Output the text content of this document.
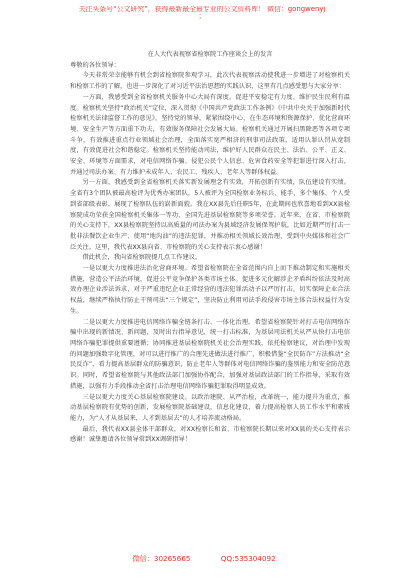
关注头条号“公文研究”，获得最新最全最专业的公文资料库！ 微信：gongwenyj
；

在人大代表视察省检察院工作座谈会上的发言

尊敬的各位领导：

今天非常荣幸能够有机会到省检察院参观学习，此次代表视察活动使我进一步增进了对检察机关和检察工作的了解，也进一步深化了对习近平法治思想的实践认识，这里有几点感受想与大家分享：

一方面，我感受到全省检察机关服务中心大局有深度。促进平安稳定有力度、维护民生民利有温度。检察机关坚持“政治机关”定位，深入贯彻《中国共产党政法工作条例》《中共中央关于加强新时代检察机关法律监督工作的意见》，坚持党的领导，紧紧围绕中心，在生态环境和资源保护、优化营商环境、安全生产等方面重下功夫，有效服务保障社会发展大局。检察机关通过开展扫黑除恶等各项专项斗争，有效推进重点行业领域社会治理，全面落实宽严相济的刑事司法政策，适用认罪认罚从宽制度，有效促进社会和谐稳定。检察机关坚持能动司法，维护好人民群众在民主、法治、公平、正义、安全、环境等方面需求，对电信网络诈骗、侵犯公民个人信息、危害食药安全等犯罪进行深入打击，并通过司法办案、有力维护未成年人、农民工、残疾人、老年人等群体权益。

另一方面，我感受到全省检察机关落实新发展理念有实效，开拓创新有实绩，队伍建设有实绩。全省有3个团队被最高检评为优秀办案团队，5人被评为全国检察业务标兵、能手，多个集体、个人受到省部级表彰，展现了检察队伍的崭新面貌。我在XX县先后任职5年，在此期间也欣喜地看到XX县检察院成功荣获全国检察机关集体一等功、全国先进基层检察院等多项荣誉。近年来，在省、市检察院的关心支持下，XX县检察院坚持以高质量的司法办案为县域经济发展保驾护航，比如近期严厉打击一批非法餐饮企业生产、使用“地沟油”的违法犯罪，并推动相关领域长效治理，受到中央媒体和社会广泛关注。这里，我代表XX县向省、市检察院的关心支持表示衷心感谢！

借此机会，我向省检察院提几点工作建议。

一是以更大力度推进法治化营商环境。希望省检察院在全省范围内自上而下推动制定和实施相关措施，营造公平法治环境，促进公平竞争保护各类市场主体。促进多元化解涉企矛盾纠纷依法及时高效办理企业涉法诉求，对于严重违纪企业正常经营的违法犯罪活动予以严厉打击，切实保障企业合法权益，继续严格执行防止干预司法“三个规定”，坚决防止利用司法手段侵害市场主体合法权益行为发生。

二是以更大力度推进电信网络诈骗全链条打击、一体化治理。希望省检察院针对打击电信网络诈骗中出现的新情况、新问题，及时出台指导意见，统一打击标准，为基层司法机关从严从快打击电信网络诈骗犯罪提供重要遵循；协同推进基层检察院机关社会治理实践，依托检察建议，对治理中发现的问题加强数字化管理，对可以进行推广的合理先进做法进行推广，积极借鉴“全民防诈”方法推动“全民反诈”，看力提高基层群众的防骗意识，防止老年人等群体对电信网络诈骗的鉴别能力和安全防范意识。同时，希望省检察院与其他政法部门加强协作配合，加强对基层政法部门的工作指导，采取有效措施，以强有力手段推动全省打击治理电信网络诈骗犯罪取得明显成效。

三是以更大力度关心基层检察院建设。以政治建院、从严治检，改革统一，能力提升为重点，推动基层检察院有优势的创新，发展检察院基础建设，信息化建设，着力提高检察人员工作水平和素质能力，为“人才从基层来，人才到基层去”的人才培养流动格局。

最后，我代表XX县全体干部群众，对XX检察长和省、市检察院长期以来对XX县的关心支持表示感谢！诚挚邀请各位领导常到XX调研指导！

微信：30265665	QQ:535304092
